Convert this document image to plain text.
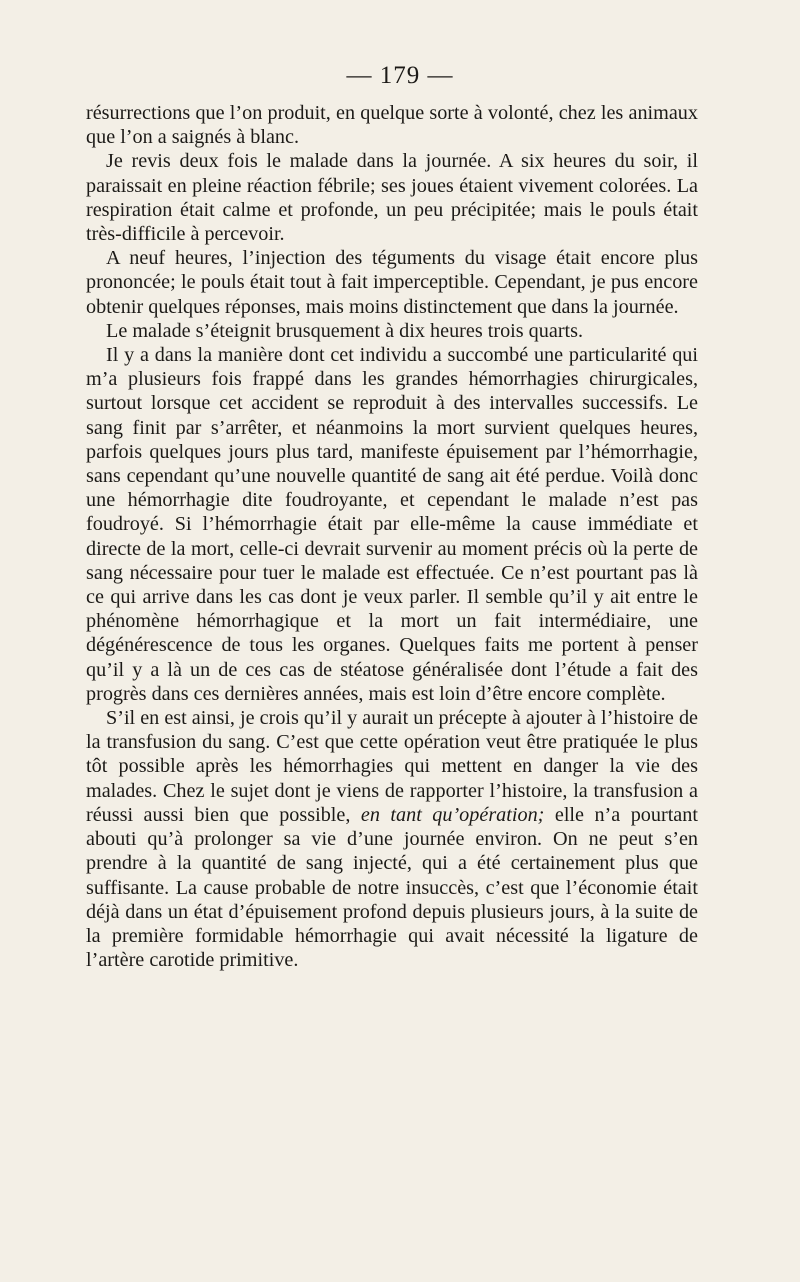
— 179 —

résurrections que l’on produit, en quelque sorte à volonté, chez les animaux que l’on a saignés à blanc.

Je revis deux fois le malade dans la journée. A six heures du soir, il paraissait en pleine réaction fébrile; ses joues étaient vivement colorées. La respiration était calme et profonde, un peu précipitée; mais le pouls était très-difficile à percevoir.

A neuf heures, l’injection des téguments du visage était encore plus prononcée; le pouls était tout à fait imperceptible. Cependant, je pus encore obtenir quelques réponses, mais moins distinctement que dans la journée.

Le malade s’éteignit brusquement à dix heures trois quarts.

Il y a dans la manière dont cet individu a succombé une particularité qui m’a plusieurs fois frappé dans les grandes hémorrhagies chirurgicales, surtout lorsque cet accident se reproduit à des intervalles successifs. Le sang finit par s’arrêter, et néanmoins la mort survient quelques heures, parfois quelques jours plus tard, manifeste épuisement par l’hémorrhagie, sans cependant qu’une nouvelle quantité de sang ait été perdue. Voilà donc une hémorrhagie dite foudroyante, et cependant le malade n’est pas foudroyé. Si l’hémorrhagie était par elle-même la cause immédiate et directe de la mort, celle-ci devrait survenir au moment précis où la perte de sang nécessaire pour tuer le malade est effectuée. Ce n’est pourtant pas là ce qui arrive dans les cas dont je veux parler. Il semble qu’il y ait entre le phénomène hémorrhagique et la mort un fait intermédiaire, une dégénérescence de tous les organes. Quelques faits me portent à penser qu’il y a là un de ces cas de stéatose généralisée dont l’étude a fait des progrès dans ces dernières années, mais est loin d’être encore complète.

S’il en est ainsi, je crois qu’il y aurait un précepte à ajouter à l’histoire de la transfusion du sang. C’est que cette opération veut être pratiquée le plus tôt possible après les hémorrhagies qui mettent en danger la vie des malades. Chez le sujet dont je viens de rapporter l’histoire, la transfusion a réussi aussi bien que possible, en tant qu’opération; elle n’a pourtant abouti qu’à prolonger sa vie d’une journée environ. On ne peut s’en prendre à la quantité de sang injecté, qui a été certainement plus que suffisante. La cause probable de notre insuccès, c’est que l’économie était déjà dans un état d’épuisement profond depuis plusieurs jours, à la suite de la première formidable hémorrhagie qui avait nécessité la ligature de l’artère carotide primitive.
